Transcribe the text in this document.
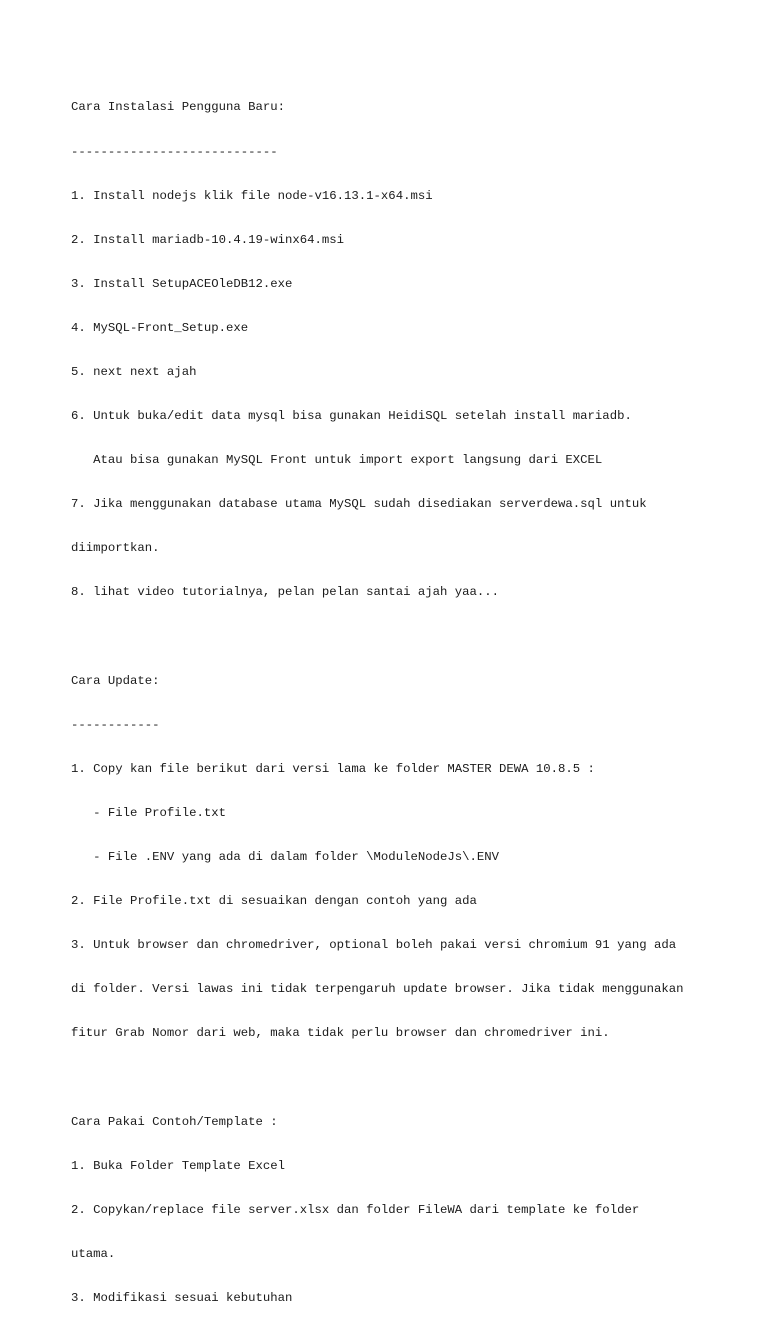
Cara Instalasi Pengguna Baru:

----------------------------

1. Install nodejs klik file node-v16.13.1-x64.msi

2. Install mariadb-10.4.19-winx64.msi

3. Install SetupACEOleDB12.exe

4. MySQL-Front_Setup.exe

5. next next ajah

6. Untuk buka/edit data mysql bisa gunakan HeidiSQL setelah install mariadb.

Atau bisa gunakan MySQL Front untuk import export langsung dari EXCEL

7. Jika menggunakan database utama MySQL sudah disediakan serverdewa.sql untuk

diimportkan.

8. lihat video tutorialnya, pelan pelan santai ajah yaa...

Cara Update:

------------

1. Copy kan file berikut dari versi lama ke folder MASTER DEWA 10.8.5 :

- File Profile.txt

- File .ENV yang ada di dalam folder \ModuleNodeJs\.ENV

2. File Profile.txt di sesuaikan dengan contoh yang ada

3. Untuk browser dan chromedriver, optional boleh pakai versi chromium 91 yang ada

di folder. Versi lawas ini tidak terpengaruh update browser. Jika tidak menggunakan

fitur Grab Nomor dari web, maka tidak perlu browser dan chromedriver ini.

Cara Pakai Contoh/Template :

1. Buka Folder Template Excel

2. Copykan/replace file server.xlsx dan folder FileWA dari template ke folder

utama.

3. Modifikasi sesuai kebutuhan
